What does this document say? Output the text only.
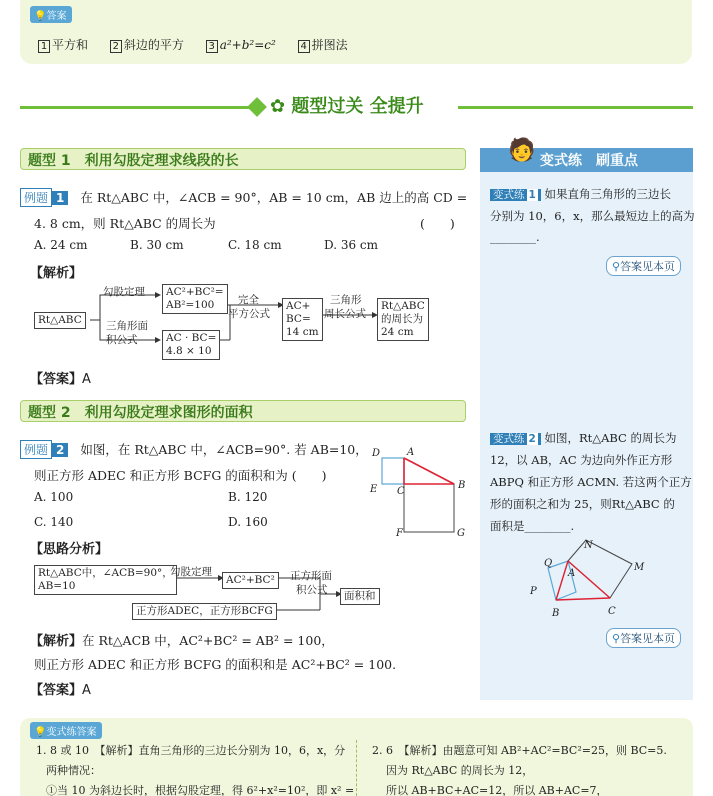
💡答案
1 平方和 2 斜边的平方 3 a²+b²=c² 4 拼图法
✿ 题型过关 全提升
题型 1　利用勾股定理求线段的长
例题 1 在 Rt△ABC 中，∠ACB = 90°，AB = 10 cm，AB 边上的高 CD =
4. 8 cm，则 Rt△ABC 的周长为	(　　)
A. 24 cm	B. 30 cm	C. 18 cm	D. 36 cm
【解析】
Rt△ABC
勾股定理 AC²+BC²=
AB²=100
三角形面
积公式	AC · BC=
4.8 × 10
完全
平方公式
AC+
BC=
14 cm
三角形
周长公式
Rt△ABC
的周长为
24 cm
【答案】A
题型 2　利用勾股定理求图形的面积
例题 2 如图，在 Rt△ABC 中，∠ACB=90°. 若 AB=10，
则正方形 ADEC 和正方形 BCFG 的面积和为 (　　)
A. 100	B. 120
C. 140	D. 160
A
D
E C
B
F	G
【思路分析】
Rt△ABC中，∠ACB=90°，
AB=10
勾股定理
AC²+BC²	正方形面
积公式	面积和
正方形ADEC，正方形BCFG
【解析】在 Rt△ACB 中，AC²+BC² = AB² = 100，
则正方形 ADEC 和正方形 BCFG 的面积和是 AC²+BC² = 100.
【答案】A
🧑 变式练　刷重点
变式练 1 如果直角三角形的三边长
分别为 10，6，x，那么最短边上的高为
________.
⚲答案见本页
变式练 2 如图，Rt△ABC 的周长为
12，以 AB，AC 为边向外作正方形
ABPQ 和正方形 ACMN. 若这两个正方
形的面积之和为 25，则Rt△ABC 的
面积是________.
N
Q
A
M
P
B	C
⚲答案见本页
💡变式练答案
1. 8 或 10　【解析】直角三角形的三边长分别为 10，6，x，分
两种情况：
①当 10 为斜边长时，根据勾股定理，得 6²+x²=10²，即 x² =
2. 6　【解析】由题意可知 AB²+AC²=BC²=25，则 BC=5.
因为 Rt△ABC 的周长为 12，
所以 AB+BC+AC=12，所以 AB+AC=7，
